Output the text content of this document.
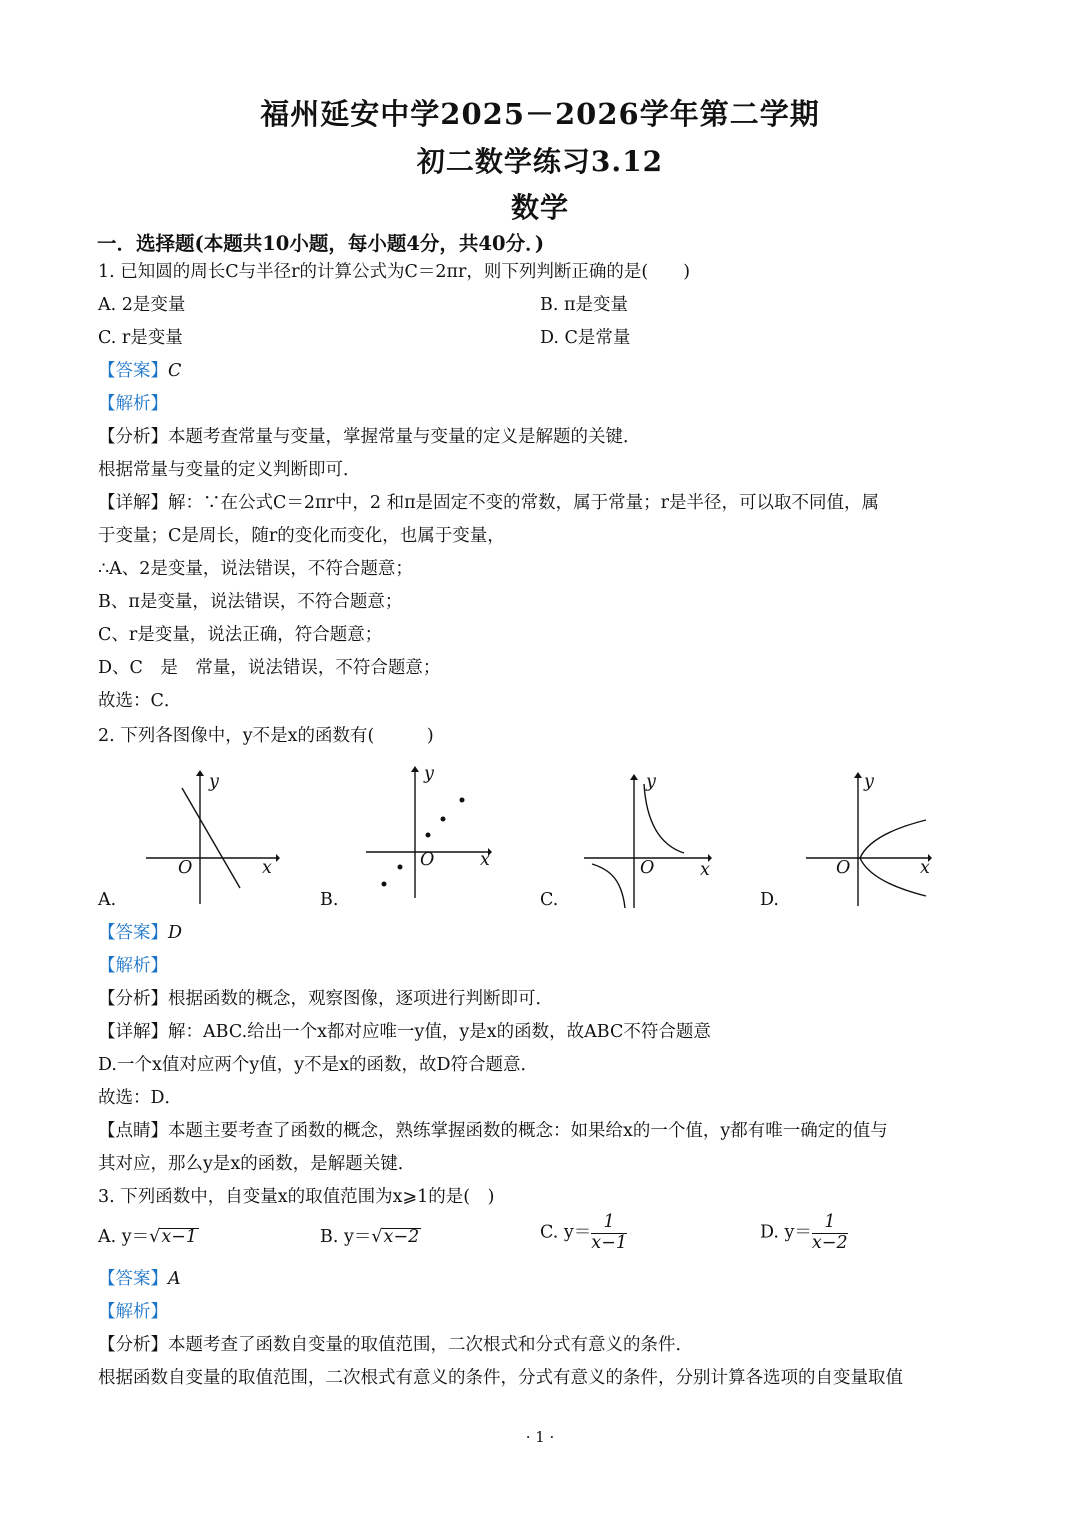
福州延安中学2025－2026学年第二学期
初二数学练习3.12
数学
一．选择题(本题共10小题，每小题4分，共40分．)
1. 已知圆的周长C与半径r的计算公式为C＝2πr，则下列判断正确的是(　　)
A. 2是变量	B. π是变量
C. r是变量	D. C是常量
【答案】C
【解析】
【分析】本题考查常量与变量，掌握常量与变量的定义是解题的关键．
根据常量与变量的定义判断即可．
【详解】解：∵在公式C＝2πr中，2 和π是固定不变的常数，属于常量；r是半径，可以取不同值，属
于变量；C是周长，随r的变化而变化，也属于变量，
∴A、2是变量，说法错误，不符合题意；
B、π是变量，说法错误，不符合题意；
C、r是变量，说法正确，符合题意；
D、C　是　常量，说法错误，不符合题意；
故选：C．
2. 下列各图像中，y不是x的函数有(　　　)
y
x
O
A.
y
x
O
B.
y
x
O
C.
y
x
O
D.
【答案】D
【解析】
【分析】根据函数的概念，观察图像，逐项进行判断即可．
【详解】解：ABC.给出一个x都对应唯一y值，y是x的函数，故ABC不符合题意
D.一个x值对应两个y值，y不是x的函数，故D符合题意．
故选：D．
【点睛】本题主要考查了函数的概念，熟练掌握函数的概念：如果给x的一个值，y都有唯一确定的值与
其对应，那么y是x的函数，是解题关键．
3. 下列函数中，自变量x的取值范围为x⩾1的是(　)
A. y＝√x−1	B. y＝√x−2	C. $y= \frac{1}{x-1}$	D. $y= \frac{1}{x-2}$
【答案】A
【解析】
【分析】本题考查了函数自变量的取值范围，二次根式和分式有意义的条件．
根据函数自变量的取值范围，二次根式有意义的条件，分式有意义的条件，分别计算各选项的自变量取值
· 1 ·
